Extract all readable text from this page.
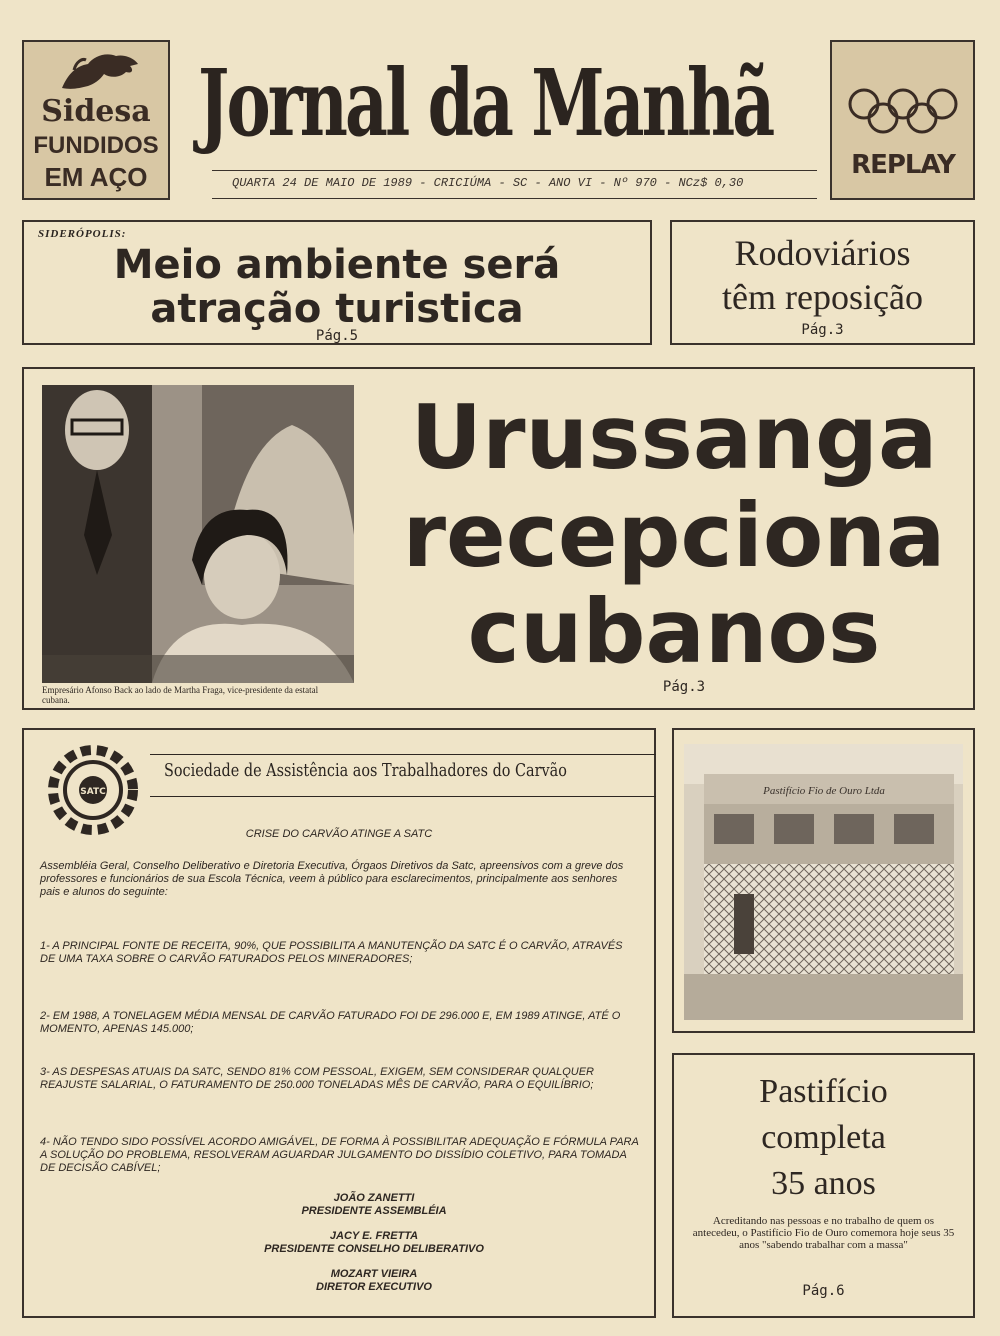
Sidesa
FUNDIDOS
EM AÇO
Jornal da Manhã
QUARTA 24 DE MAIO DE 1989 - CRICIÚMA - SC - ANO VI - Nº 970 - NCz$ 0,30
REPLAY
SIDERÓPOLIS:
Meio ambiente será
atração turistica
Pág.5
Rodoviários
têm reposição
Pág.3
Empresário Afonso Back ao lado de Martha Fraga, vice-presidente da estatal cubana.
Urussanga
recepciona
cubanos
Pág.3
SATC
Sociedade de Assistência aos Trabalhadores do Carvão
CRISE DO CARVÃO ATINGE A SATC
Assembléia Geral, Conselho Deliberativo e Diretoria Executiva, Órgaos Diretivos da Satc, apreensivos com a greve dos professores e funcionários de sua Escola Técnica, veem à público para esclarecimentos, principalmente aos senhores pais e alunos do seguinte:
1- A PRINCIPAL FONTE DE RECEITA, 90%, QUE POSSIBILITA A MANUTENÇÃO DA SATC É O CARVÃO, ATRAVÉS DE UMA TAXA SOBRE O CARVÃO FATURADOS PELOS MINERADORES;
2- EM 1988, A TONELAGEM MÉDIA MENSAL DE CARVÃO FATURADO FOI DE 296.000 E, EM 1989 ATINGE, ATÉ O MOMENTO, APENAS 145.000;
3- AS DESPESAS ATUAIS DA SATC, SENDO 81% COM PESSOAL, EXIGEM, SEM CONSIDERAR QUALQUER REAJUSTE SALARIAL, O FATURAMENTO DE 250.000 TONELADAS MÊS DE CARVÃO, PARA O EQUILÍBRIO;
4- NÃO TENDO SIDO POSSÍVEL ACORDO AMIGÁVEL, DE FORMA À POSSIBILITAR ADEQUAÇÃO E FÓRMULA PARA A SOLUÇÃO DO PROBLEMA, RESOLVERAM AGUARDAR JULGAMENTO DO DISSÍDIO COLETIVO, PARA TOMADA DE DECISÃO CABÍVEL;
JOÃO ZANETTI
PRESIDENTE ASSEMBLÉIA
JACY E. FRETTA
PRESIDENTE CONSELHO DELIBERATIVO
MOZART VIEIRA
DIRETOR EXECUTIVO
Pastifício Fio de Ouro Ltda
Pastifício
completa
35 anos
Acreditando nas pessoas e no trabalho de quem os antecedeu, o Pastifício Fio de Ouro comemora hoje seus 35 anos "sabendo trabalhar com a massa"
Pág.6
